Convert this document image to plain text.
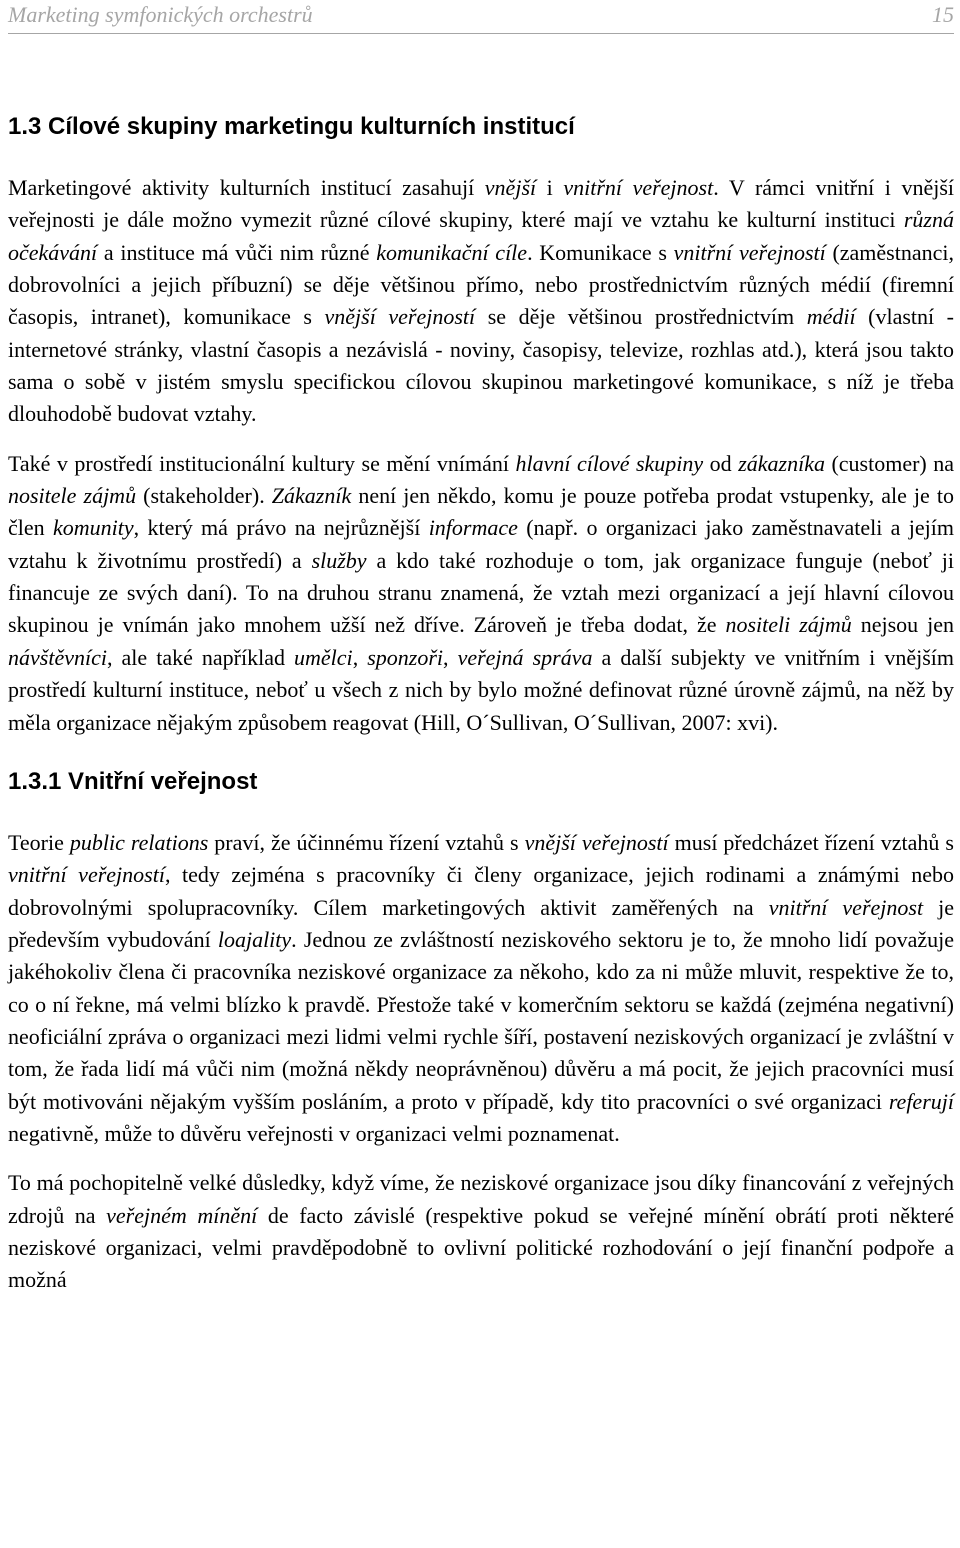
Marketing symfonických orchestrů	15
1.3 Cílové skupiny marketingu kulturních institucí

Marketingové aktivity kulturních institucí zasahují vnější i vnitřní veřejnost. V rámci vnitřní i vnější veřejnosti je dále možno vymezit různé cílové skupiny, které mají ve vztahu ke kulturní instituci různá očekávání a instituce má vůči nim různé komunikační cíle. Komunikace s vnitřní veřejností (zaměstnanci, dobrovolníci a jejich příbuzní) se děje většinou přímo, nebo prostřednictvím různých médií (firemní časopis, intranet), komunikace s vnější veřejností se děje většinou prostřednictvím médií (vlastní - internetové stránky, vlastní časopis a nezávislá - noviny, časopisy, televize, rozhlas atd.), která jsou takto sama o sobě v jistém smyslu specifickou cílovou skupinou marketingové komunikace, s níž je třeba dlouhodobě budovat vztahy.

Také v prostředí institucionální kultury se mění vnímání hlavní cílové skupiny od zákazníka (customer) na nositele zájmů (stakeholder). Zákazník není jen někdo, komu je pouze potřeba prodat vstupenky, ale je to člen komunity, který má právo na nejrůznější informace (např. o organizaci jako zaměstnavateli a jejím vztahu k životnímu prostředí) a služby a kdo také rozhoduje o tom, jak organizace funguje (neboť ji financuje ze svých daní). To na druhou stranu znamená, že vztah mezi organizací a její hlavní cílovou skupinou je vnímán jako mnohem užší než dříve. Zároveň je třeba dodat, že nositeli zájmů nejsou jen návštěvníci, ale také například umělci, sponzoři, veřejná správa a další subjekty ve vnitřním i vnějším prostředí kulturní instituce, neboť u všech z nich by bylo možné definovat různé úrovně zájmů, na něž by měla organizace nějakým způsobem reagovat (Hill, O´Sullivan, O´Sullivan, 2007: xvi).

1.3.1 Vnitřní veřejnost

Teorie public relations praví, že účinnému řízení vztahů s vnější veřejností musí předcházet řízení vztahů s vnitřní veřejností, tedy zejména s pracovníky či členy organizace, jejich rodinami a známými nebo dobrovolnými spolupracovníky. Cílem marketingových aktivit zaměřených na vnitřní veřejnost je především vybudování loajality. Jednou ze zvláštností neziskového sektoru je to, že mnoho lidí považuje jakéhokoliv člena či pracovníka neziskové organizace za někoho, kdo za ni může mluvit, respektive že to, co o ní řekne, má velmi blízko k pravdě. Přestože také v komerčním sektoru se každá (zejména negativní) neoficiální zpráva o organizaci mezi lidmi velmi rychle šíří, postavení neziskových organizací je zvláštní v tom, že řada lidí má vůči nim (možná někdy neoprávněnou) důvěru a má pocit, že jejich pracovníci musí být motivováni nějakým vyšším posláním, a proto v případě, kdy tito pracovníci o své organizaci referují negativně, může to důvěru veřejnosti v organizaci velmi poznamenat.

To má pochopitelně velké důsledky, když víme, že neziskové organizace jsou díky financování z veřejných zdrojů na veřejném mínění de facto závislé (respektive pokud se veřejné mínění obrátí proti některé neziskové organizaci, velmi pravděpodobně to ovlivní politické rozhodování o její finanční podpoře a možná
